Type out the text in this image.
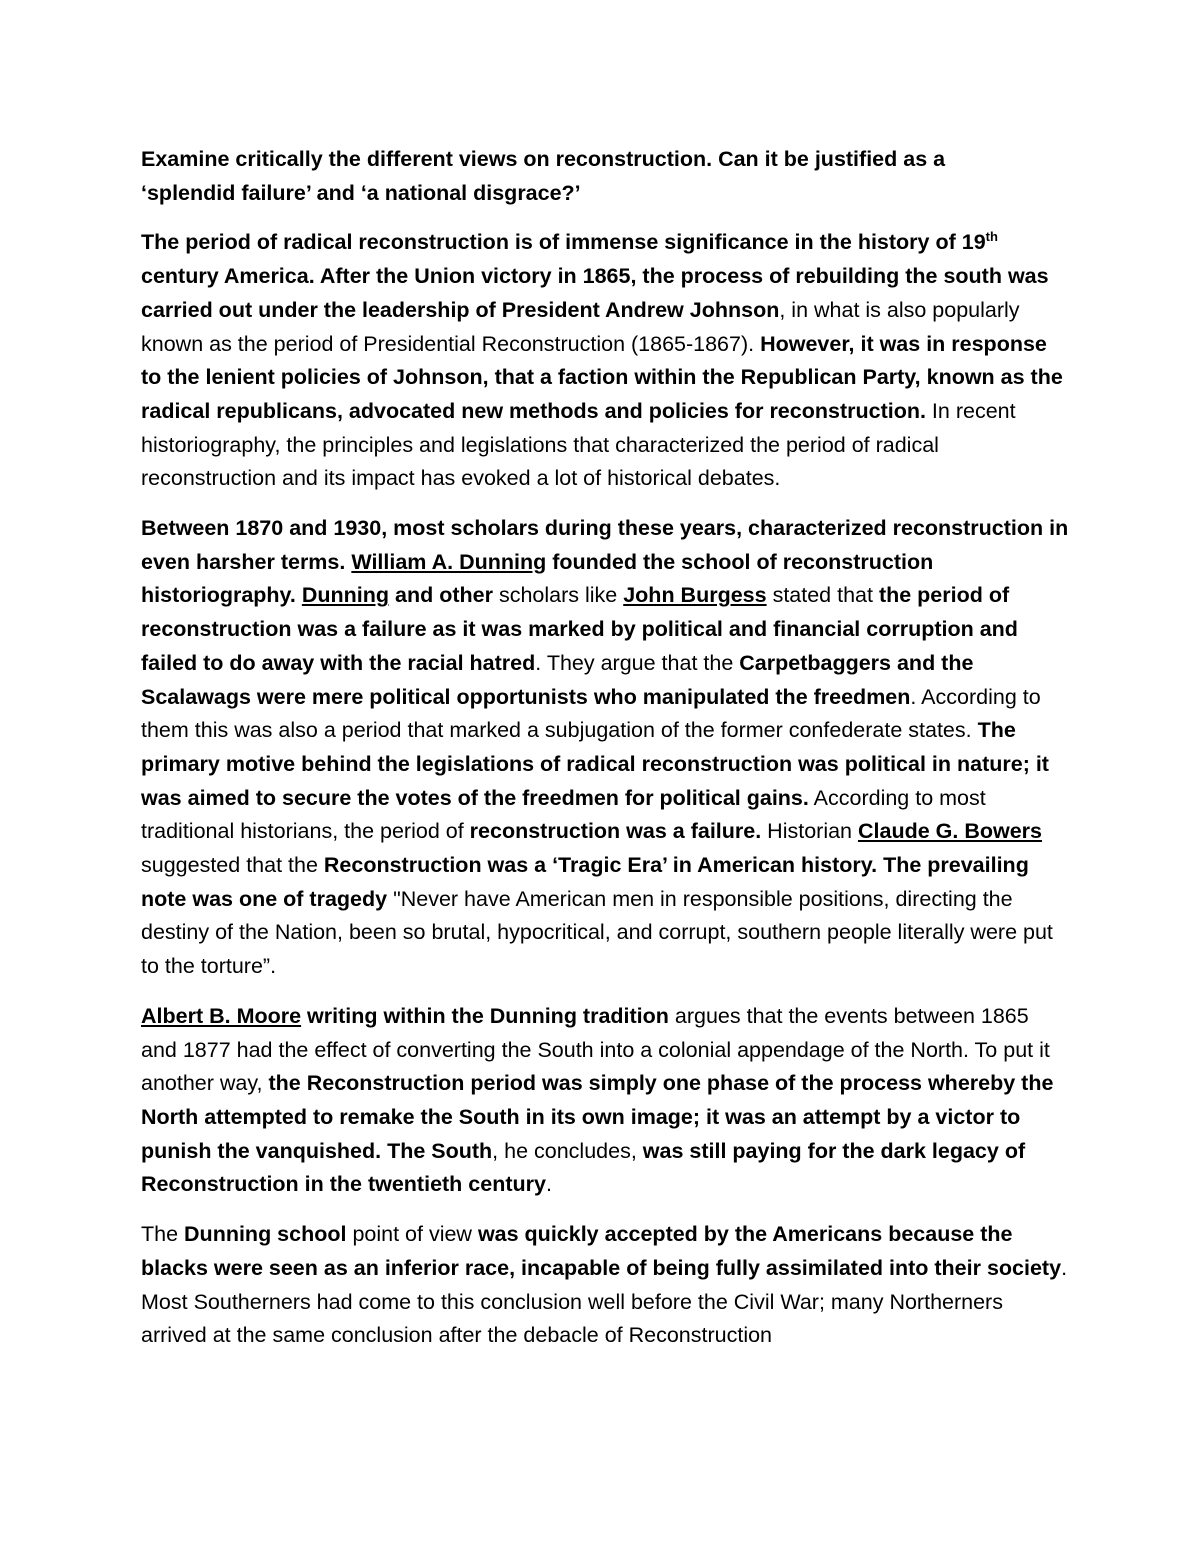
Examine critically the different views on reconstruction. Can it be justified as a
‘splendid failure’ and ‘a national disgrace?’

The period of radical reconstruction is of immense significance in the history of 19th century America. After the Union victory in 1865, the process of rebuilding the south was carried out under the leadership of President Andrew Johnson, in what is also popularly known as the period of Presidential Reconstruction (1865-1867). However, it was in response to the lenient policies of Johnson, that a faction within the Republican Party, known as the radical republicans, advocated new methods and policies for reconstruction. In recent historiography, the principles and legislations that characterized the period of radical reconstruction and its impact has evoked a lot of historical debates.

Between 1870 and 1930, most scholars during these years, characterized reconstruction in even harsher terms. William A. Dunning founded the school of reconstruction historiography. Dunning and other scholars like John Burgess stated that the period of reconstruction was a failure as it was marked by political and financial corruption and failed to do away with the racial hatred. They argue that the Carpetbaggers and the Scalawags were mere political opportunists who manipulated the freedmen. According to them this was also a period that marked a subjugation of the former confederate states. The primary motive behind the legislations of radical reconstruction was political in nature; it was aimed to secure the votes of the freedmen for political gains. According to most traditional historians, the period of reconstruction was a failure. Historian Claude G. Bowers suggested that the Reconstruction was a ‘Tragic Era’ in American history. The prevailing note was one of tragedy "Never have American men in responsible positions, directing the destiny of the Nation, been so brutal, hypocritical, and corrupt, southern people literally were put to the torture”.

Albert B. Moore writing within the Dunning tradition argues that the events between 1865 and 1877 had the effect of converting the South into a colonial appendage of the North. To put it another way, the Reconstruction period was simply one phase of the process whereby the North attempted to remake the South in its own image; it was an attempt by a victor to punish the vanquished. The South, he concludes, was still paying for the dark legacy of Reconstruction in the twentieth century.

The Dunning school point of view was quickly accepted by the Americans because the blacks were seen as an inferior race, incapable of being fully assimilated into their society. Most Southerners had come to this conclusion well before the Civil War; many Northerners arrived at the same conclusion after the debacle of Reconstruction
